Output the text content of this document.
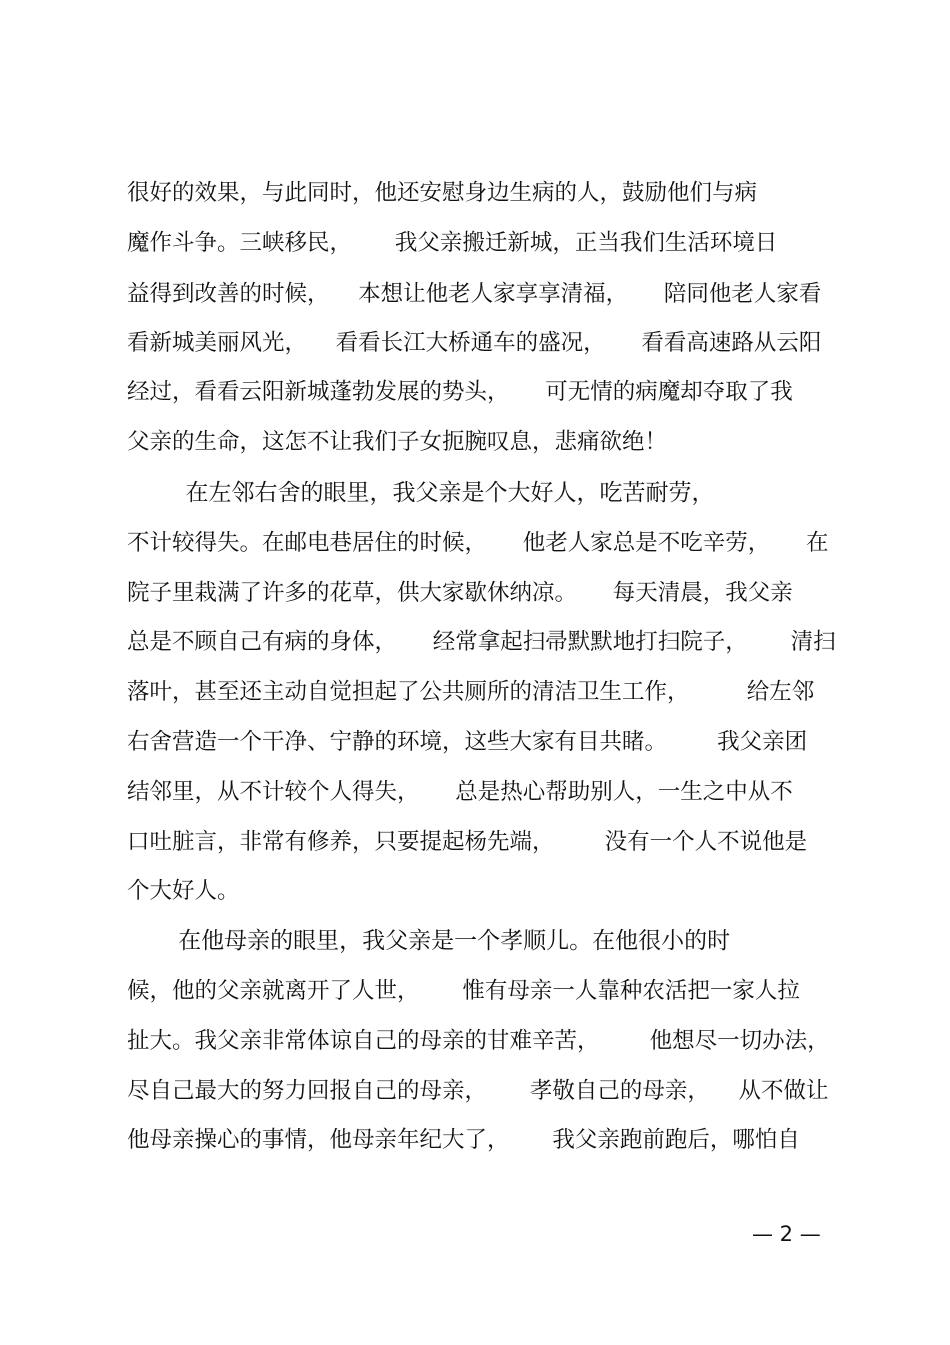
很好的效果，与此同时，他还安慰身边生病的人，鼓励他们与病
魔作斗争。三峡移民，      我父亲搬迁新城，正当我们生活环境日
益得到改善的时候，    本想让他老人家享享清福，     陪同他老人家看
看新城美丽风光，    看看长江大桥通车的盛况，     看看高速路从云阳
经过，看看云阳新城蓬勃发展的势头，     可无情的病魔却夺取了我
父亲的生命，这怎不让我们子女扼腕叹息，悲痛欲绝！
在左邻右舍的眼里，我父亲是个大好人，吃苦耐劳，
不计较得失。在邮电巷居住的时候，     他老人家总是不吃辛劳，     在
院子里栽满了许多的花草，供大家歇休纳凉。     每天清晨，我父亲
总是不顾自己有病的身体，     经常拿起扫帚默默地打扫院子，      清扫
落叶，甚至还主动自觉担起了公共厕所的清洁卫生工作，        给左邻
右舍营造一个干净、宁静的环境，这些大家有目共睹。       我父亲团
结邻里，从不计较个人得失，     总是热心帮助别人，一生之中从不
口吐脏言，非常有修养，只要提起杨先端，       没有一个人不说他是
个大好人。
在他母亲的眼里，我父亲是一个孝顺儿。在他很小的时
候，他的父亲就离开了人世，      惟有母亲一人靠种农活把一家人拉
扯大。我父亲非常体谅自己的母亲的甘难辛苦，       他想尽一切办法，
尽自己最大的努力回报自己的母亲，      孝敬自己的母亲，    从不做让
他母亲操心的事情，他母亲年纪大了，      我父亲跑前跑后，哪怕自
— 2 —
